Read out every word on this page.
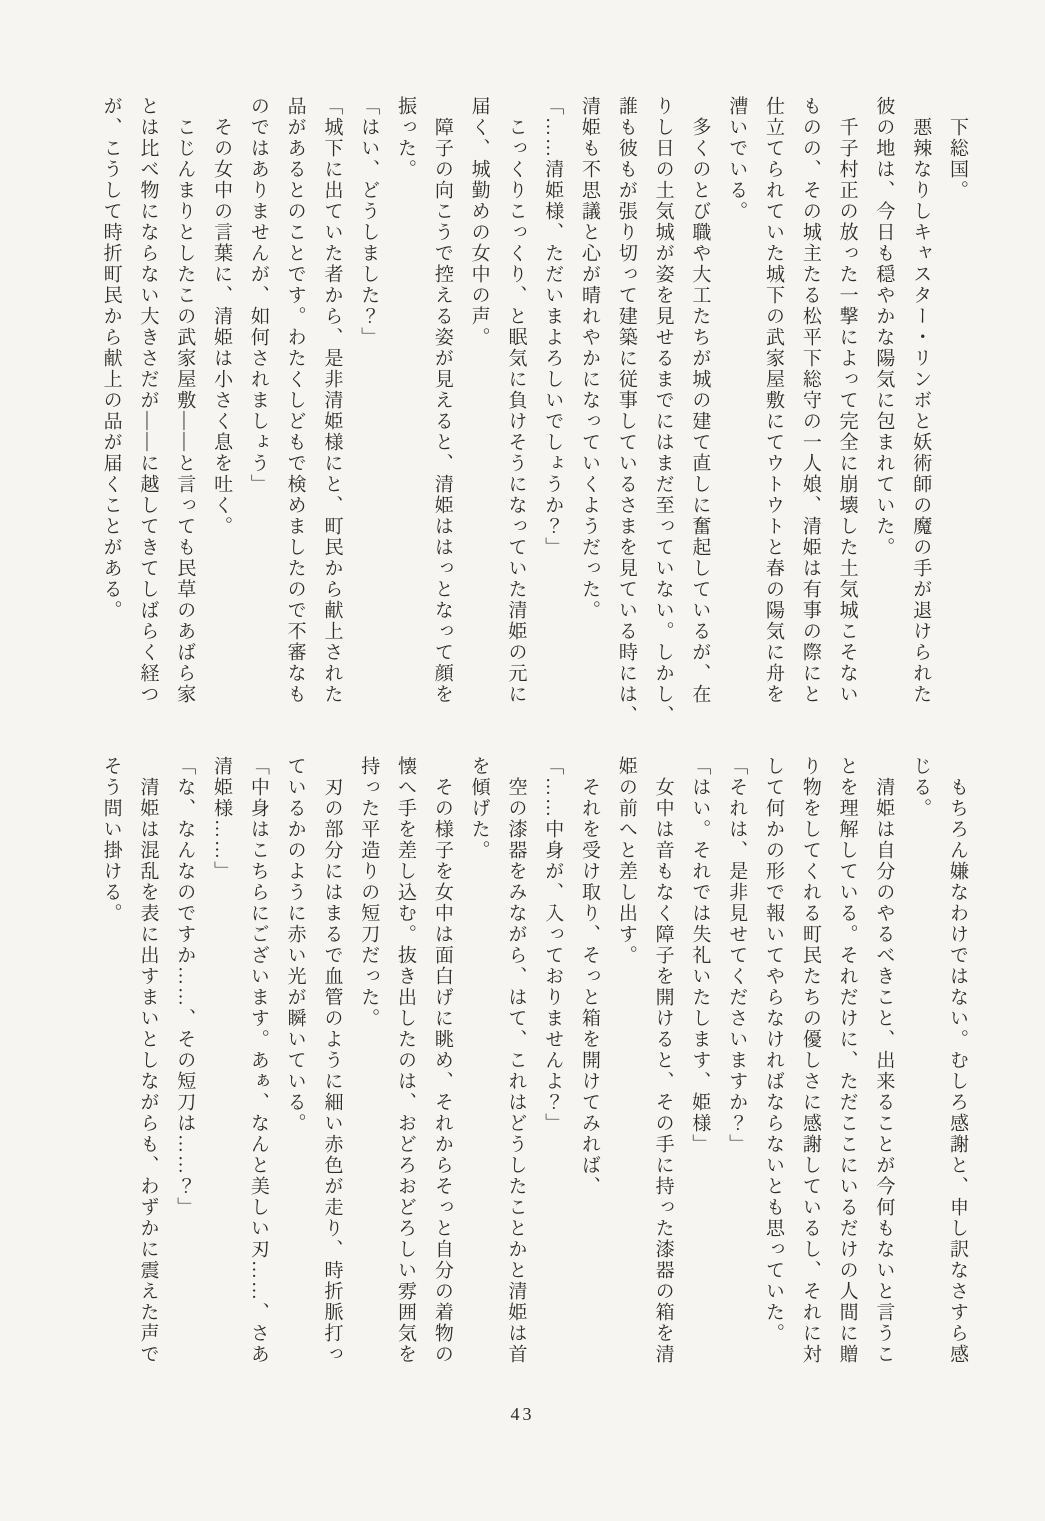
　下総国。

　悪辣なりしキャスター・リンボと妖術師の魔の手が退けられた

彼の地は、今日も穏やかな陽気に包まれていた。

　千子村正の放った一撃によって完全に崩壊した土気城こそない

ものの、その城主たる松平下総守の一人娘、清姫は有事の際にと

仕立てられていた城下の武家屋敷にてウトウトと春の陽気に舟を

漕いでいる。

　多くのとび職や大工たちが城の建て直しに奮起しているが、在

りし日の土気城が姿を見せるまでにはまだ至っていない。しかし、

誰も彼もが張り切って建築に従事しているさまを見ている時には、

清姫も不思議と心が晴れやかになっていくようだった。

「……清姫様、ただいまよろしいでしょうか？」

　こっくりこっくり、と眠気に負けそうになっていた清姫の元に

届く、城勤めの女中の声。

　障子の向こうで控える姿が見えると、清姫ははっとなって顔を

振った。

「はい、どうしました？」

「城下に出ていた者から、是非清姫様にと、町民から献上された

品があるとのことです。わたくしどもで検めましたので不審なも

のではありませんが、如何されましょう」

　その女中の言葉に、清姫は小さく息を吐く。

　こじんまりとしたこの武家屋敷――と言っても民草のあばら家

とは比べ物にならない大きさだが――に越してきてしばらく経つ

が、こうして時折町民から献上の品が届くことがある。

　もちろん嫌なわけではない。むしろ感謝と、申し訳なさすら感

じる。

　清姫は自分のやるべきこと、出来ることが今何もないと言うこ

とを理解している。それだけに、ただここにいるだけの人間に贈

り物をしてくれる町民たちの優しさに感謝しているし、それに対

して何かの形で報いてやらなければならないとも思っていた。

「それは、是非見せてくださいますか？」

「はい。それでは失礼いたします、姫様」

　女中は音もなく障子を開けると、その手に持った漆器の箱を清

姫の前へと差し出す。

　それを受け取り、そっと箱を開けてみれば、

「……中身が、入っておりませんよ？」

　空の漆器をみながら、はて、これはどうしたことかと清姫は首

を傾げた。

　その様子を女中は面白げに眺め、それからそっと自分の着物の

懐へ手を差し込む。抜き出したのは、おどろおどろしい雰囲気を

持った平造りの短刀だった。

　刃の部分にはまるで血管のように細い赤色が走り、時折脈打っ

ているかのように赤い光が瞬いている。

「中身はこちらにございます。あぁ、なんと美しい刃……、さあ

清姫様……」

「な、なんなのですか……、その短刀は……？」

　清姫は混乱を表に出すまいとしながらも、わずかに震えた声で

そう問い掛ける。

43
